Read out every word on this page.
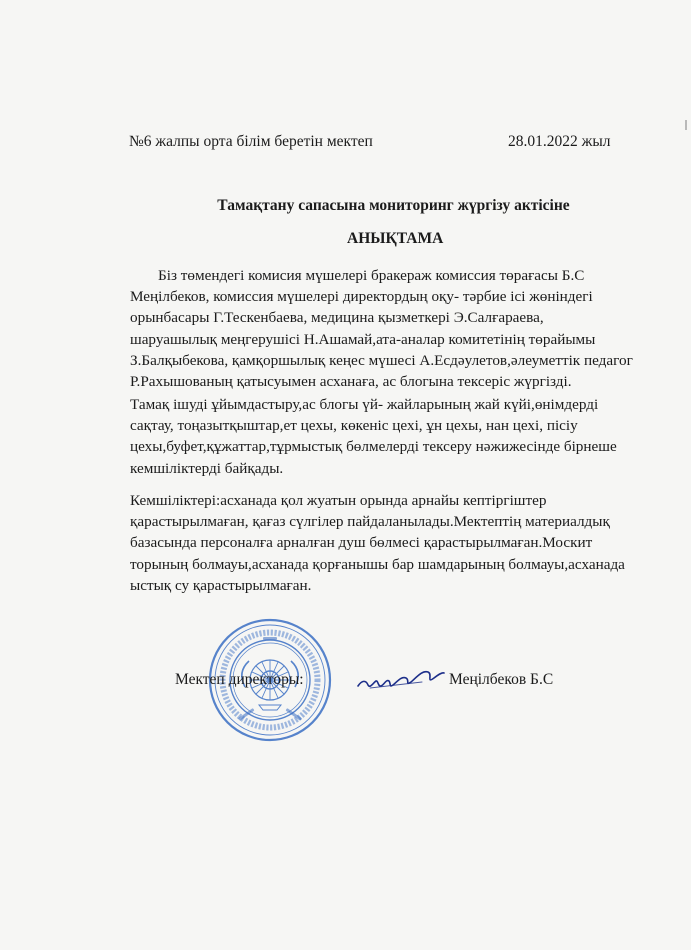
№6 жалпы орта білім беретін мектеп	28.01.2022 жыл
Тамақтану сапасына мониторинг жүргізу актісіне
АНЫҚТАМА

Біз төмендегі комисия мүшелері бракераж комиссия төрағасы Б.С
Меңілбеков, комиссия мүшелері директордың оқу- тәрбие ісі жөніндегі
орынбасары Г.Тескенбаева, медицина қызметкері Э.Салғараева,
шаруашылық меңгерушісі Н.Ашамай,ата-аналар комитетінің төрайымы
З.Балқыбекова, қамқоршылық кеңес мүшесі А.Есдәулетов,әлеуметтік педагог
Р.Рахышованың қатысуымен асханаға, ас блогына тексеріс жүргізді.

Тамақ ішуді ұйымдастыру,ас блогы үй- жайларының жай күйі,өнімдерді
сақтау, тоңазытқыштар,ет цехы, көкеніс цехі, ұн цехы, нан цехі, пісіу
цехы,буфет,құжаттар,тұрмыстық бөлмелерді тексеру нәжижесінде бірнеше
кемшіліктерді байқады.

Кемшіліктері:асханада қол жуатын орында арнайы кептіргіштер
қарастырылмаған, қағаз сүлгілер пайдаланылады.Мектептің материалдық
базасында персоналға арналған душ бөлмесі қарастырылмаған.Москит
торының болмауы,асханада қорғанышы бар шамдарының болмауы,асханада
ыстық су қарастырылмаған.

Мектеп директоры:	Меңілбеков Б.С
